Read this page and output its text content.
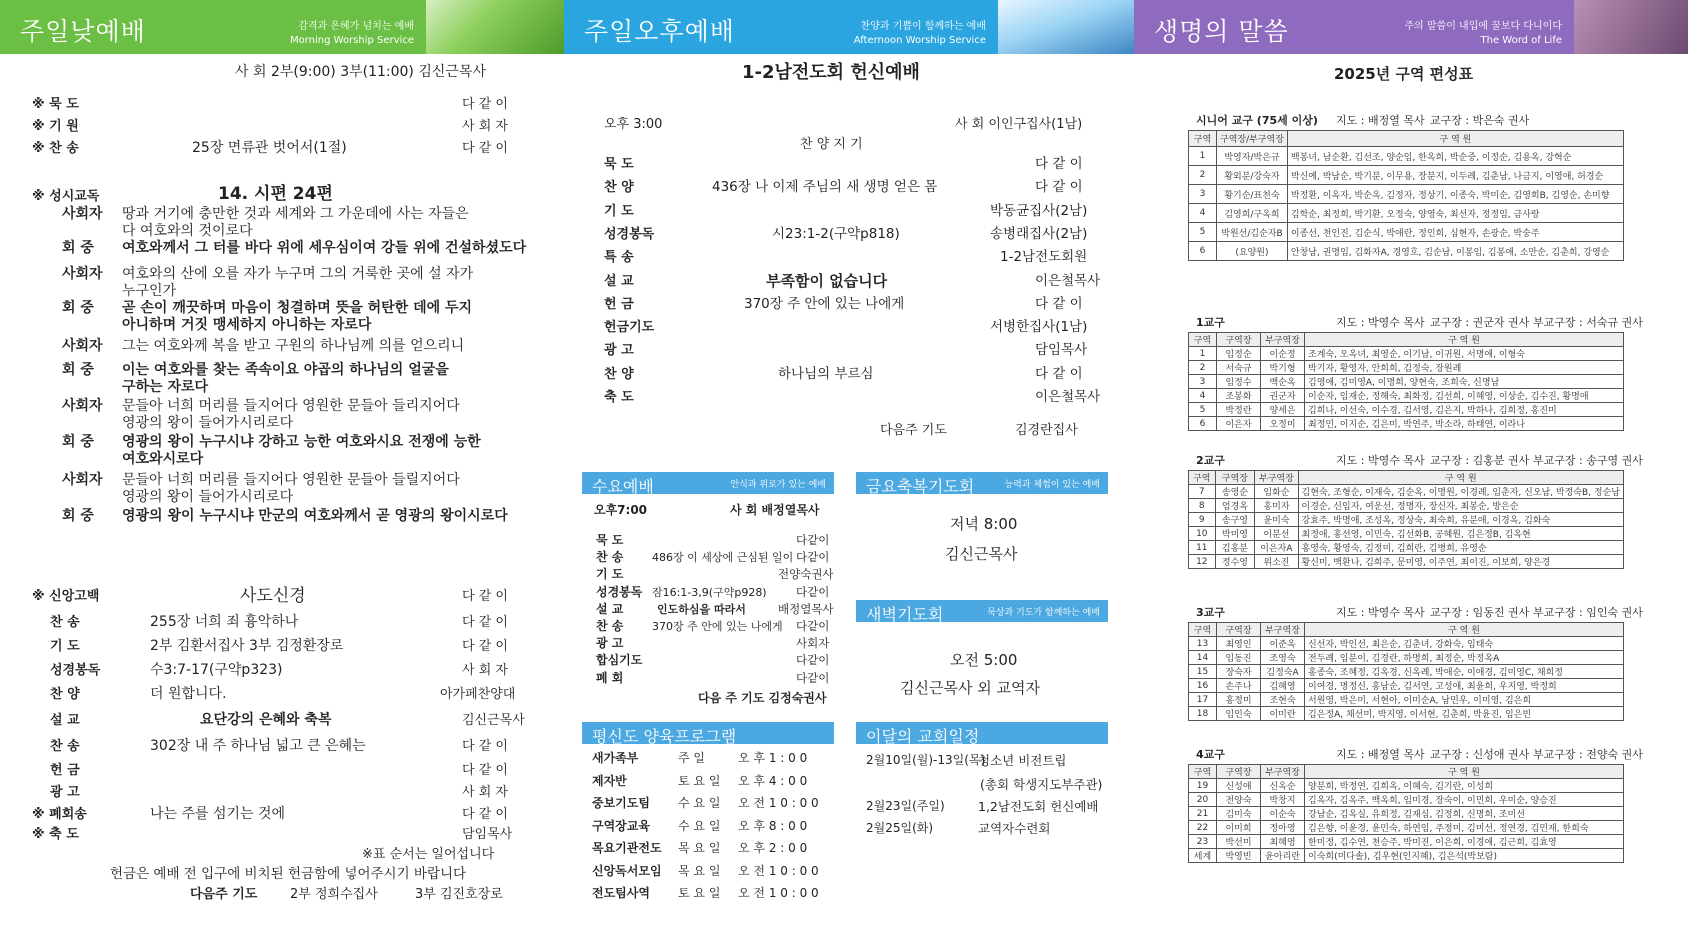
주일낮예배	감격과 은혜가 넘치는 예배
Morning Worship Service	주일오후예배	찬양과 기쁨이 함께하는 예배
Afternoon Worship Service	생명의 말씀	주의 말씀이 내입에 꿀보다 다니이다
The Word of Life
사 회 2부(9:00) 3부(11:00) 김신근목사
※ 묵 도	다 같 이
※ 기 원	사 회 자
※ 찬 송	25장 면류관 벗어서(1절)	다 같 이
※ 성시교독	14. 시편 24편
사회자 땅과 거기에 충만한 것과 세계와 그 가운데에 사는 자들은
다 여호와의 것이로다
회 중 여호와께서 그 터를 바다 위에 세우심이여 강들 위에 건설하셨도다
사회자 여호와의 산에 오를 자가 누구며 그의 거룩한 곳에 설 자가
누구인가
회 중 곧 손이 깨끗하며 마음이 청결하며 뜻을 허탄한 데에 두지
아니하며 거짓 맹세하지 아니하는 자로다
사회자 그는 여호와께 복을 받고 구원의 하나님께 의를 얻으리니
회 중 이는 여호와를 찾는 족속이요 야곱의 하나님의 얼굴을
구하는 자로다
사회자 문들아 너희 머리를 들지어다 영원한 문들아 들리지어다
영광의 왕이 들어가시리로다
회 중 영광의 왕이 누구시냐 강하고 능한 여호와시요 전쟁에 능한
여호와시로다
사회자 문들아 너희 머리를 들지어다 영원한 문들아 들릴지어다
영광의 왕이 들어가시리로다
회 중 영광의 왕이 누구시냐 만군의 여호와께서 곧 영광의 왕이시로다
※ 신앙고백	사도신경	다 같 이
찬 송	255장 너희 죄 흉악하나	다 같 이
기 도	2부 김환서집사 3부 김정환장로	다 같 이
성경봉독	수3:7-17(구약p323)	사 회 자
찬 양	더 원합니다.	아가페찬양대
설 교	요단강의 은혜와 축복	김신근목사
찬 송	302장 내 주 하나님 넓고 큰 은혜는	다 같 이
헌 금	다 같 이
광 고	사 회 자
※ 폐회송	나는 주를 섬기는 것에	다 같 이
※ 축 도	담임목사
※표 순서는 일어섭니다
헌금은 예배 전 입구에 비치된 헌금함에 넣어주시기 바랍니다
다음주 기도	2부 정희수집사	3부 김진호장로
1-2남전도회 헌신예배
오후 3:00	사 회 이인구집사(1남)
찬 양 지 기
묵 도	다 같 이
찬 양	436장 나 이제 주님의 새 생명 얻은 몸	다 같 이
기 도	박동균집사(2남)
성경봉독	시23:1-2(구약p818)	송병래집사(2남)
특 송	1-2남전도회원
설 교	부족함이 없습니다	이은철목사
헌 금	370장 주 안에 있는 나에게	다 같 이
헌금기도	서병한집사(1남)
광 고	담임목사
찬 양	하나님의 부르심	다 같 이
축 도	이은철목사
다음주 기도	김경란집사
수요예배	안식과 위로가 있는 예배
오후7:00	사 회 배정열목사
묵 도	다같이
찬 송	486장 이 세상에 근심된 일이 다같이
기 도	전양숙권사
성경봉독 잠16:1-3,9(구약p928)	다같이
설 교	인도하심을 따라서	배정열목사
찬 송	370장 주 안에 있는 나에게 다같이
광 고	사회자
합심기도	다같이
폐 회	다같이
다음 주 기도 김정숙권사
금요축복기도회	능력과 체험이 있는 예배
저녁 8:00
김신근목사
새벽기도회	묵상과 기도가 함께하는 예배
오전 5:00
김신근목사 외 교역자
평신도 양육프로그램
새가족부	주 일	오 후 1 : 0 0
제자반	토 요 일 오 후 4 : 0 0
중보기도팀 수 요 일 오 전 1 0 : 0 0
구역장교육 수 요 일 오 후 8 : 0 0
목요기관전도 목 요 일 오 후 2 : 0 0
신앙독서모임 목 요 일 오 전 1 0 : 0 0
전도팀사역 토 요 일 오 전 1 0 : 0 0
이달의 교회일정
2월10일(월)-13일(목)
청소년 비전트립
(총회 학생지도부주관)
2월23일(주일)	1,2남전도회 헌신예배
2월25일(화)	교역자수련회
2025년 구역 편성표
시니어 교구 (75세 이상) 지도 : 배정열 목사 교구장 : 박은숙 권사
구역	구역장/부구역장	구 역 원
1	박영자/박은규	백봉녀, 남순환, 김선조, 양순임, 한옥희, 박순중, 이정순, 김용옥, 강혁순
2	황외분/강숙자	박신예, 박남순, 박기분, 이무용, 장분지, 이두례, 김춘남, 나금지, 이영애, 허경순
3	황기순/표천숙	박정환, 이옥자, 박순옥, 김정자, 정상기, 이종숙, 박미순, 김영희B, 김영순, 손미향
4	김영희/구옥희	김학순, 최정희, 박기환, 오정숙, 양영숙, 최선자, 정정임, 금사랑
5	박원선/김순자B	이종선, 천인진, 김순식, 박애란, 정인희, 심현자, 손광순, 박숭주
6	(요양원)	안창남, 권명임, 김화자A, 경영호, 김순남, 이봉임, 김봉애, 소만순, 김춘희, 강영순
1교구	지도 : 박영수 목사 교구장 : 권군자 권사 부교구장 : 서숙규 권사
구역	구역장	부구역장	구 역 원
1	임정순	이순정	조계숙, 오옥녀, 최영순, 이기남, 이귀원, 서명애, 이형숙
2	서숙규	박기형	박기자, 황영자, 안희희, 김정숙, 장원례
3	임정수	백순옥	김영애, 김미영A, 이명희, 양현숙, 조희숙, 신명남
4	조봉화	권군자	이순자, 임재순, 정해숙, 최화정, 김선희, 이혜영, 이상순, 김수진, 황명애
5	박정란	양세은	김희나, 이선숙, 이수경, 김서영, 김은지, 박하나, 김희정, 홍진미
6	이은자	오정미	최정민, 이지순, 김은미, 박연주, 박소라, 하태연, 이라나
2교구	지도 : 박영수 목사 교구장 : 김홍분 권사 부교구장 : 송구영 권사
구역	구역장	부구역장	구 역 원
7	송영순	임화순	김현숙, 조형순, 이재숙, 김순옥, 이명원, 이경례, 임춘자, 신오남, 박정숙B, 정순남
8	엄경옥	홍미자	이경순, 신임자, 여운선, 정명자, 장신자, 최봉순, 방은순
9	송구영	윤미숙	강효주, 박명애, 조성옥, 정상숙, 최숙희, 유분애, 이경옥, 김화숙
10	박미영	이분선	최정애, 홍선영, 이민숙, 김선화B, 공혜원, 김은정B, 김옥현
11	김홍분	이은자A	홍영숙, 황영숙, 김정미, 김희란, 김병희, 유영순
12	정수영	위소진	황신미, 백환나, 김희주, 문미영, 이주연, 최이진, 이보희, 양은경
3교구	지도 : 박영수 목사 교구장 : 임동진 권사 부교구장 : 임인숙 권사
구역	구역장	부구역장	구 역 원
13	최영인	이준옥	신선자, 박인선, 최은순, 김춘녀, 강화숙, 임태숙
14	임동진	조영숙	전두례, 임분이, 김경란, 하명희, 최정순, 박정옥A
15	장숙자	김정숙A	홍종숙, 조혜정, 김옥경, 신옥례, 박애순, 이애경, 김미영C, 채희정
16	손주나	김혜영	이여경, 명정신, 홍남순, 김서연, 고성애, 최윤희, 우지영, 박정희
17	홍정미	조현숙	서원영, 박은미, 서현아, 이미순A, 남민우, 이미영, 김은희
18	임인숙	이미란	김은정A, 채선미, 박지영, 이서현, 김춘희, 박윤진, 임은빈
4교구	지도 : 배정열 목사 교구장 : 신성애 권사 부교구장 : 전양숙 권사
구역	구역장	부구역장	구 역 원
19	신성애	신옥순	양분희, 박정연, 김희옥, 이혜숙, 김기란, 이성희
20	전양숙	박창지	김옥자, 김옥주, 백옥희, 임미경, 장숙이, 이민희, 우미순, 양승진
21	김미숙	이순숙	강남순, 김옥실, 유희정, 김재심, 김정희, 신명희, 조미선
22	이미희	정아영	김은향, 이윤경, 윤민숙, 하연임, 주정미, 김미선, 정연경, 김민재, 한희숙
23	박선미	최혜영	한미정, 김수연, 천승주, 박미진, 이은희, 이경애, 김근희, 김효영
세계	박영빈	윤아리란	이숙희(미다솔), 김우현(인지혜), 김은석(박보람)
